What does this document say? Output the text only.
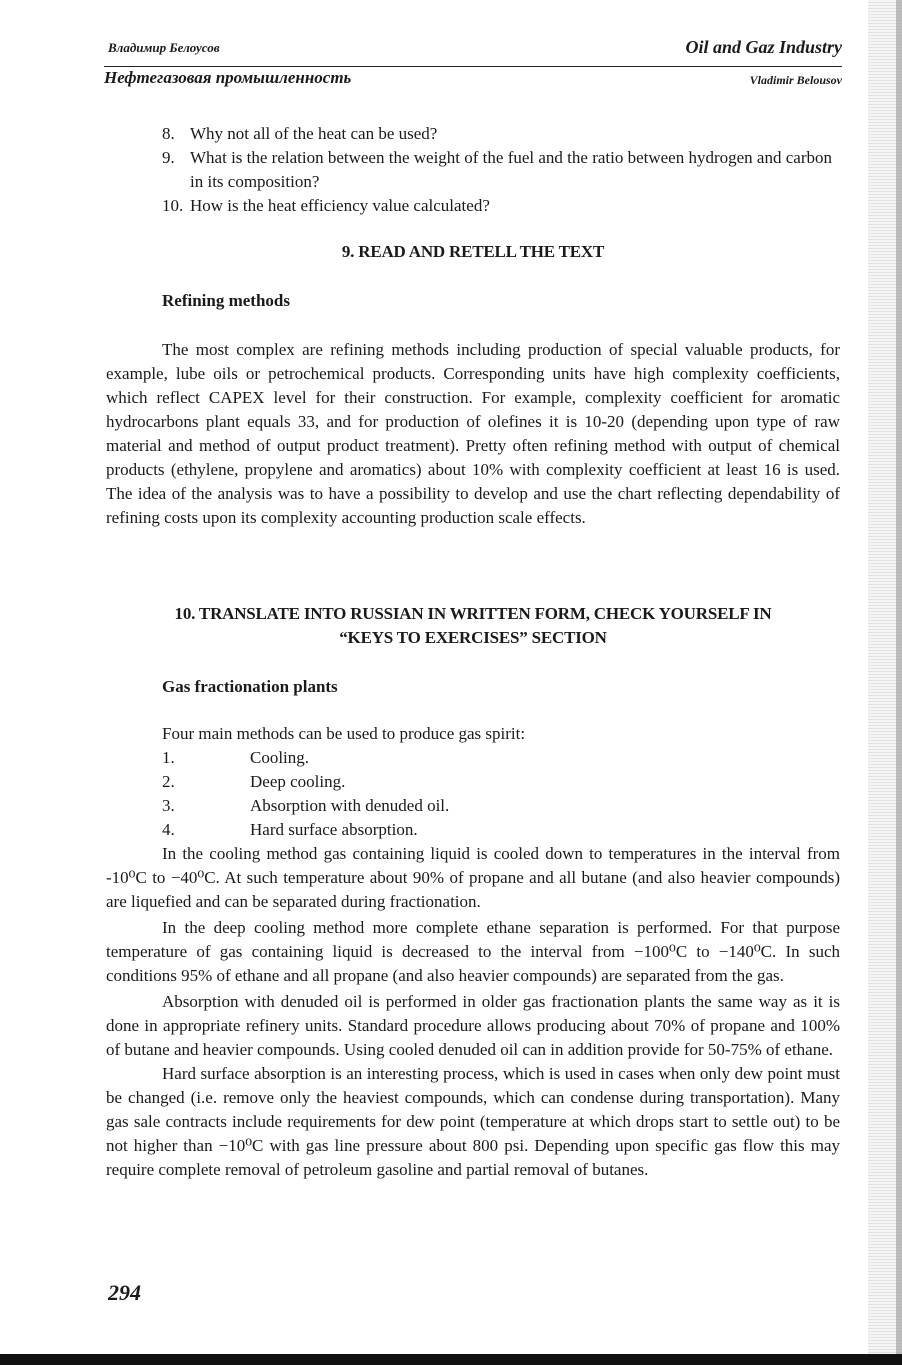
Владимир Белоусов	Oil and Gaz Industry
Нефтегазовая промышленность	Vladimir Belousov
8. Why not all of the heat can be used?
9. What is the relation between the weight of the fuel and the ratio between hydrogen and carbon in its composition?
10. How is the heat efficiency value calculated?
9. READ AND RETELL THE TEXT
Refining methods

The most complex are refining methods including production of special valuable products, for example, lube oils or petrochemical products. Corresponding units have high complexity coefficients, which reflect CAPEX level for their construction. For example, complexity coefficient for aromatic hydrocarbons plant equals 33, and for production of olefines it is 10-20 (depending upon type of raw material and method of output product treatment). Pretty often refining method with output of chemical products (ethylene, propylene and aromatics) about 10% with complexity coefficient at least 16 is used. The idea of the analysis was to have a possibility to develop and use the chart reflecting dependability of refining costs upon its complexity accounting production scale effects.

10. TRANSLATE INTO RUSSIAN IN WRITTEN FORM, CHECK YOURSELF IN
“KEYS TO EXERCISES” SECTION
Gas fractionation plants
Four main methods can be used to produce gas spirit:
1.	Cooling.
2.	Deep cooling.
3.	Absorption with denuded oil.
4.	Hard surface absorption.

In the cooling method gas containing liquid is cooled down to temperatures in the interval from -10⁰C to −40⁰C. At such temperature about 90% of propane and all butane (and also heavier compounds) are liquefied and can be separated during fractionation.

In the deep cooling method more complete ethane separation is performed. For that purpose temperature of gas containing liquid is decreased to the interval from −100⁰C to −140⁰C. In such conditions 95% of ethane and all propane (and also heavier compounds) are separated from the gas.

Absorption with denuded oil is performed in older gas fractionation plants the same way as it is done in appropriate refinery units. Standard procedure allows producing about 70% of propane and 100% of butane and heavier compounds. Using cooled denuded oil can in addition provide for 50-75% of ethane.

Hard surface absorption is an interesting process, which is used in cases when only dew point must be changed (i.e. remove only the heaviest compounds, which can condense during transportation). Many gas sale contracts include requirements for dew point (temperature at which drops start to settle out) to be not higher than −10⁰C with gas line pressure about 800 psi. Depending upon specific gas flow this may require complete removal of petroleum gasoline and partial removal of butanes.

294
